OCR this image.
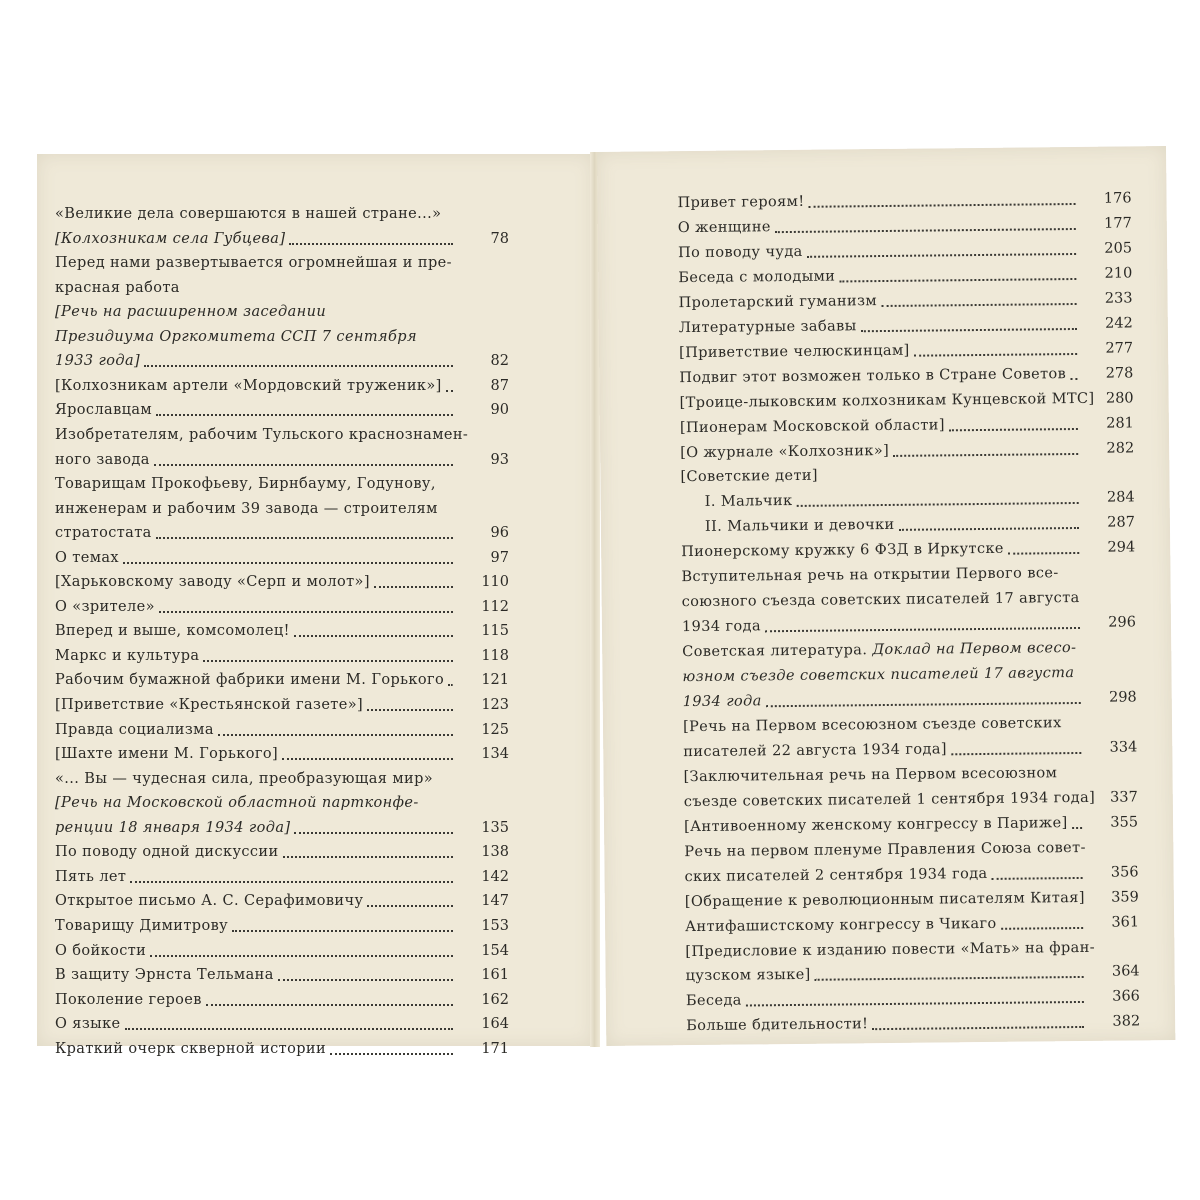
«Великие дела совершаются в нашей стране...»
[Колхозникам села Губцева]	78
Перед нами развертывается огромнейшая и пре-
красная работа
[Речь на расширенном заседании
Президиума Оргкомитета ССП 7 сентября
1933 года]	82
[Колхозникам артели «Мордовский труженик»]	87
Ярославцам	90
Изобретателям, рабочим Тульского краснознамен-
ного завода	93
Товарищам Прокофьеву, Бирнбауму, Годунову,
инженерам и рабочим 39 завода — строителям
стратостата	96
О темах	97
[Харьковскому заводу «Серп и молот»]	110
О «зрителе»	112
Вперед и выше, комсомолец!	115
Маркс и культура	118
Рабочим бумажной фабрики имени М. Горького	121
[Приветствие «Крестьянской газете»]	123
Правда социализма	125
[Шахте имени М. Горького]	134
«... Вы — чудесная сила, преобразующая мир»
[Речь на Московской областной партконфе-
ренции 18 января 1934 года]	135
По поводу одной дискуссии	138
Пять лет	142
Открытое письмо А. С. Серафимовичу	147
Товарищу Димитрову	153
О бойкости	154
В защиту Эрнста Тельмана	161
Поколение героев	162
О языке	164
Краткий очерк скверной истории	171
Привет героям!	176
О женщине	177
По поводу чуда	205
Беседа с молодыми	210
Пролетарский гуманизм	233
Литературные забавы	242
[Приветствие челюскинцам]	277
Подвиг этот возможен только в Стране Советов	278
[Троице-лыковским колхозникам Кунцевской МТС] 280
[Пионерам Московской области]	281
[О журнале «Колхозник»]	282
[Советские дети]
I. Мальчик	284
II. Мальчики и девочки	287
Пионерскому кружку 6 ФЗД в Иркутске	294
Вступительная речь на открытии Первого все-
союзного съезда советских писателей 17 августа
1934 года	296
Советская литература.
Доклад на Первом всесо-
юзном съезде советских писателей 17 августа
1934 года	298
[Речь на Первом всесоюзном съезде советских
писателей 22 августа 1934 года]	334
[Заключительная речь на Первом всесоюзном
съезде советских писателей 1 сентября 1934 года]	337
[Антивоенному женскому конгрессу в Париже]	355
Речь на первом пленуме Правления Союза совет-
ских писателей 2 сентября 1934 года	356
[Обращение к революционным писателям Китая]	359
Антифашистскому конгрессу в Чикаго	361
[Предисловие к изданию повести «Мать» на фран-
цузском языке]	364
Беседа	366
Больше бдительности!	382
